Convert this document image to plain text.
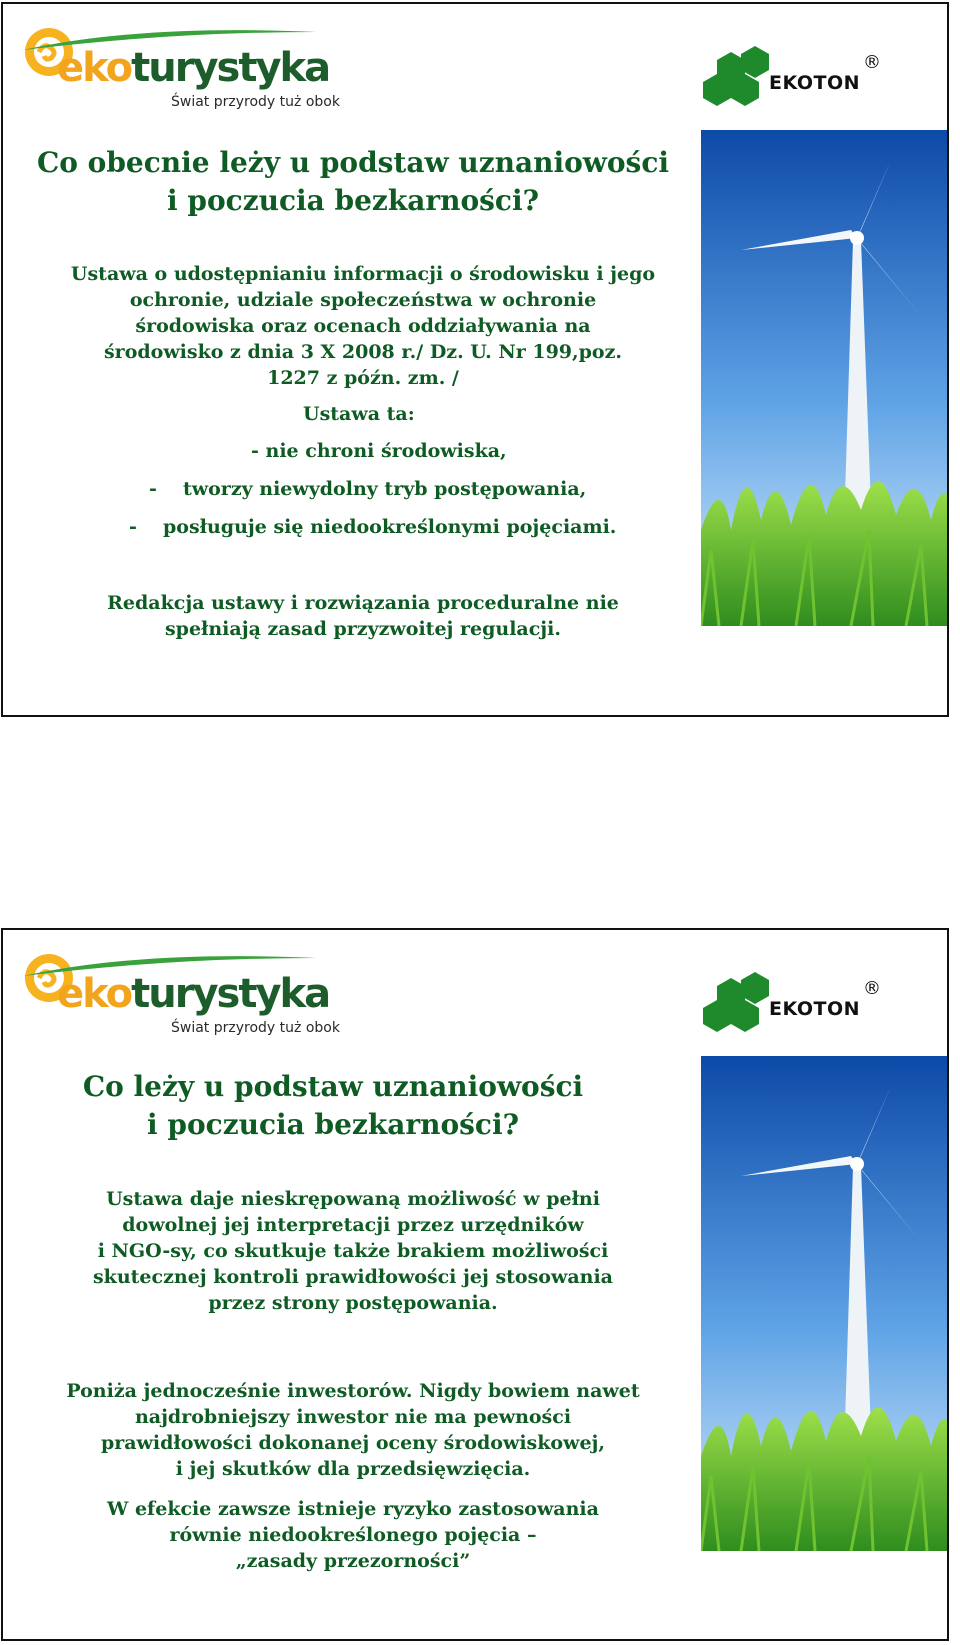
ekoturystyka
Świat przyrody tuż obok
EKOTON
®
Co obecnie leży u podstaw uznaniowości
i poczucia bezkarności?
Ustawa o udostępnianiu informacji o środowisku i jego
ochronie, udziale społeczeństwa w ochronie
środowiska oraz ocenach oddziaływania na
środowisko z dnia 3 X 2008 r./ Dz. U. Nr 199,poz.
1227 z późn. zm. /
Ustawa ta:
- nie chroni środowiska,
- tworzy niewydolny tryb postępowania,
- posługuje się niedookreślonymi pojęciami.
Redakcja ustawy i rozwiązania proceduralne nie
spełniają zasad przyzwoitej regulacji.
ekoturystyka
Świat przyrody tuż obok
EKOTON
®
Co leży u podstaw uznaniowości
i poczucia bezkarności?
Ustawa daje nieskrępowaną możliwość w pełni
dowolnej jej interpretacji przez urzędników
i NGO-sy, co skutkuje także brakiem możliwości
skutecznej kontroli prawidłowości jej stosowania
przez strony postępowania.
Poniża jednocześnie inwestorów. Nigdy bowiem nawet
najdrobniejszy inwestor nie ma pewności
prawidłowości dokonanej oceny środowiskowej,
i jej skutków dla przedsięwzięcia.
W efekcie zawsze istnieje ryzyko zastosowania
równie niedookreślonego pojęcia –
„zasady przezorności”
